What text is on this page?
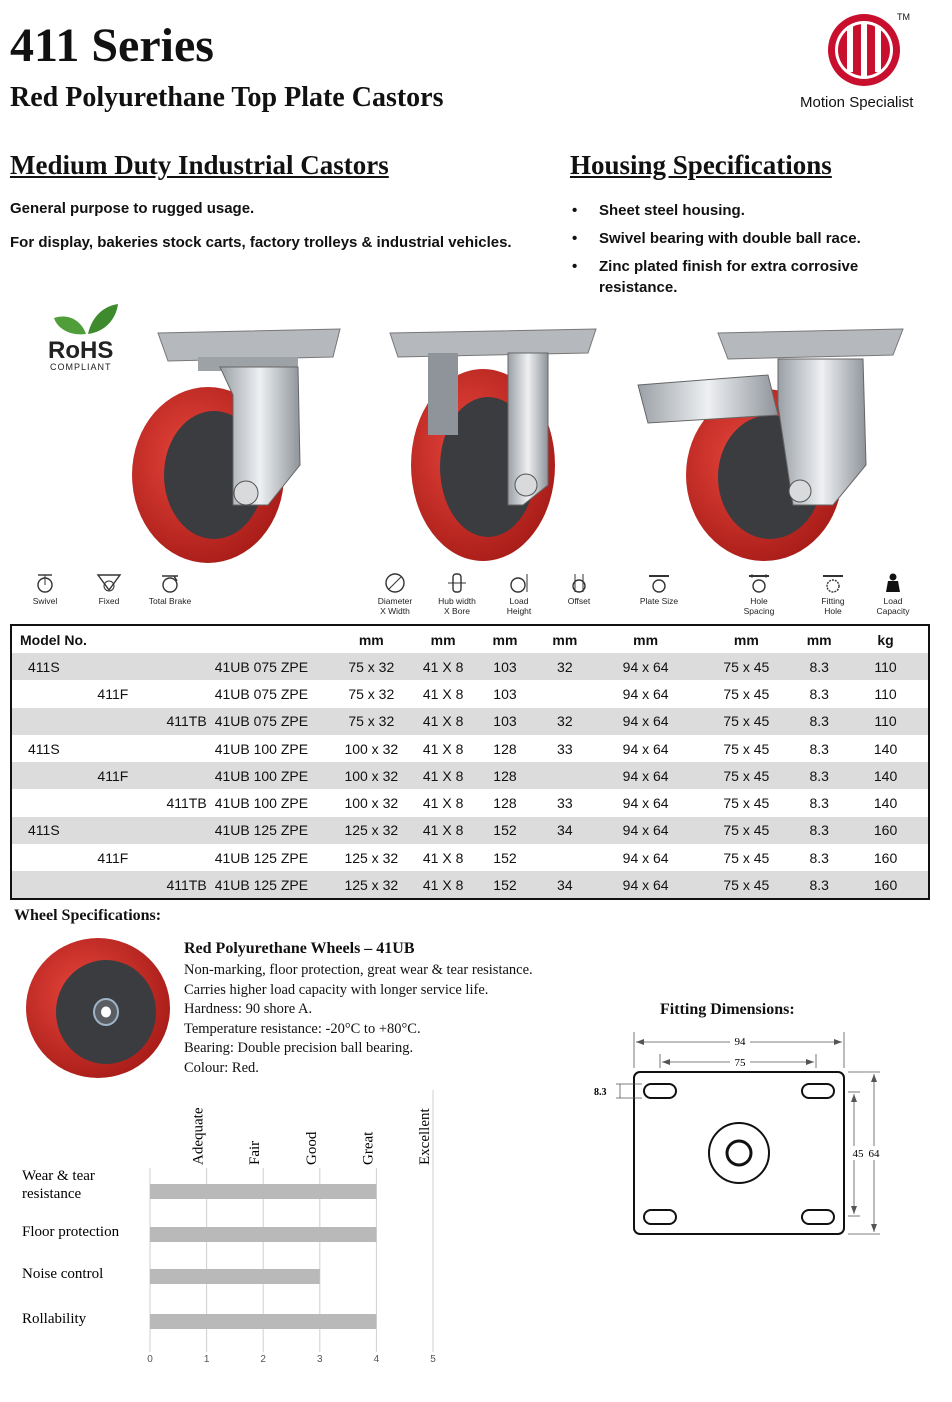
411 Series
Red Polyurethane Top Plate Castors
TM
Motion Specialist
Medium Duty Industrial Castors	Housing Specifications
General purpose to rugged usage.
For display, bakeries stock carts, factory trolleys & industrial vehicles.
• Sheet steel housing.
• Swivel bearing with double ball race.
• Zinc plated finish for extra corrosive resistance.
RoHS
COMPLIANT
Swivel	Fixed	Total Brake	Diameter
X Width
Hub width
X Bore
Load
Height
Offset	Plate Size	Hole
Spacing
Fitting
Hole
Load
Capacity
Model No.				mm	mm	mm	mm	mm	mm	mm	kg
411S			41UB 075 ZPE	75 x 32	41 X 8	103	32	94 x 64	75 x 45	8.3	110
	411F		41UB 075 ZPE	75 x 32	41 X 8	103		94 x 64	75 x 45	8.3	110
		411TB	41UB 075 ZPE	75 x 32	41 X 8	103	32	94 x 64	75 x 45	8.3	110
411S			41UB 100 ZPE	100 x 32	41 X 8	128	33	94 x 64	75 x 45	8.3	140
	411F		41UB 100 ZPE	100 x 32	41 X 8	128		94 x 64	75 x 45	8.3	140
		411TB	41UB 100 ZPE	100 x 32	41 X 8	128	33	94 x 64	75 x 45	8.3	140
411S			41UB 125 ZPE	125 x 32	41 X 8	152	34	94 x 64	75 x 45	8.3	160
	411F		41UB 125 ZPE	125 x 32	41 X 8	152		94 x 64	75 x 45	8.3	160
		411TB	41UB 125 ZPE	125 x 32	41 X 8	152	34	94 x 64	75 x 45	8.3	160
Wheel Specifications:
Red Polyurethane Wheels – 41UB
Non-marking, floor protection, great wear & tear resistance.
Carries higher load capacity with longer service life.
Hardness: 90 shore A.
Temperature resistance: -20°C to +80°C.
Bearing: Double precision ball bearing.
Colour: Red.
Fitting Dimensions:
94
75
8.3
45 64
0	1	2	3	4	5
Adequate	Fair	Good	Great	Excellent
Wear & tear
resistance
Floor protection
Noise control
Rollability
